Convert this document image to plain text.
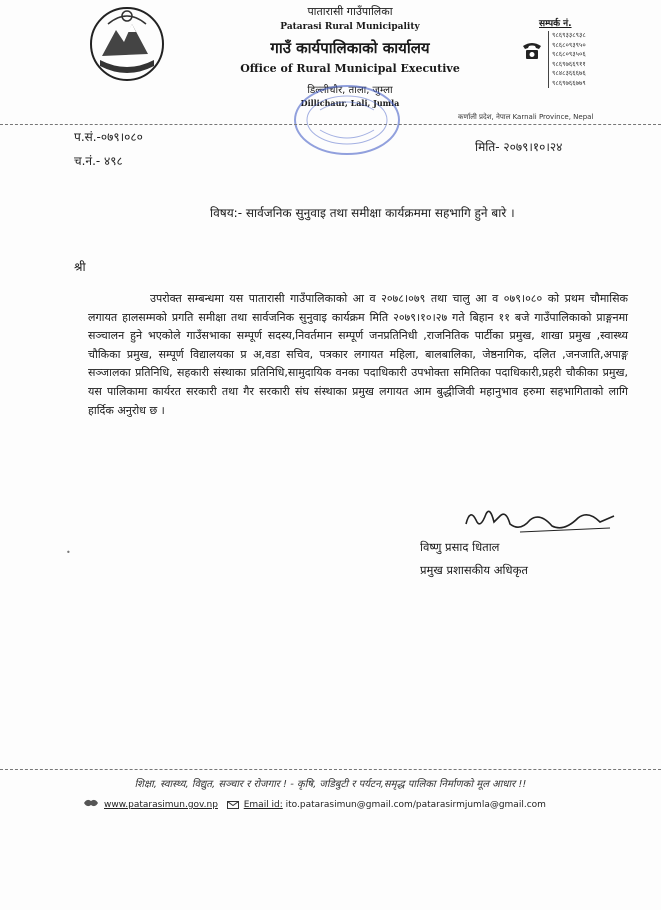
पातारासी गाउँपालिका
Patarasi Rural Municipality
गाउँ कार्यपालिकाको कार्यालय
Office of Rural Municipal Executive
डिल्लीचौर, ताला, जुम्ला
Dillichaur, Lali, Jumla
सम्पर्क नं.
९८६९३३८९३८
९८६८०९३९५०
९८६८०९३५०६
९८६९७६६९११
९८४८३६६६७६
९८६९७६६७७९
कर्णाली प्रदेश, नेपाल Karnali Province, Nepal
प.सं.-०७९।०८०
च.नं.- ४९८
मिति- २०७९।१०।२४
विषय:- सार्वजनिक सुनुवाइ तथा समीक्षा कार्यक्रममा सहभागि हुने बारे ।
श्री
उपरोक्त सम्बन्धमा यस पातारासी गाउँपालिकाको आ व २०७८।०७९ तथा चालु आ व ०७९।०८० को प्रथम चौमासिक लगायत हालसम्मको प्रगति समीक्षा तथा सार्वजनिक सुनुवाइ कार्यक्रम मिति २०७९।१०।२७ गते बिहान ११ बजे गाउँपालिकाको प्राङ्गनमा सञ्चालन हुने भएकोले गाउँसभाका सम्पूर्ण सदस्य,निवर्तमान सम्पूर्ण जनप्रतिनिधी ,राजनितिक पार्टीका प्रमुख, शाखा प्रमुख ,स्वास्थ्य चौकिका प्रमुख, सम्पूर्ण विद्यालयका प्र अ,वडा सचिव, पत्रकार लगायत महिला, बालबालिका, जेष्ठनागिक, दलित ,जनजाति,अपाङ्ग सञ्जालका प्रतिनिधि, सहकारी संस्थाका प्रतिनिधि,सामुदायिक वनका पदाधिकारी उपभोक्ता समितिका पदाधिकारी,प्रहरी चौकीका प्रमुख, यस पालिकामा कार्यरत सरकारी तथा गैर सरकारी संघ संस्थाका प्रमुख लगायत आम बुद्धीजिवी महानुभाव हरुमा सहभागिताको लागि हार्दिक अनुरोध छ ।
•	विष्णु प्रसाद धिताल
प्रमुख प्रशासकीय अधिकृत
शिक्षा, स्वास्थ्य, विद्युत, सञ्चार र रोजगार ! - कृषि, जडिबुटी र पर्यटन,समृद्ध पालिका निर्माणको मूल आधार !!
www.patarasimun.gov.np	Email id: ito.patarasimun@gmail.com/patarasirmjumla@gmail.com
